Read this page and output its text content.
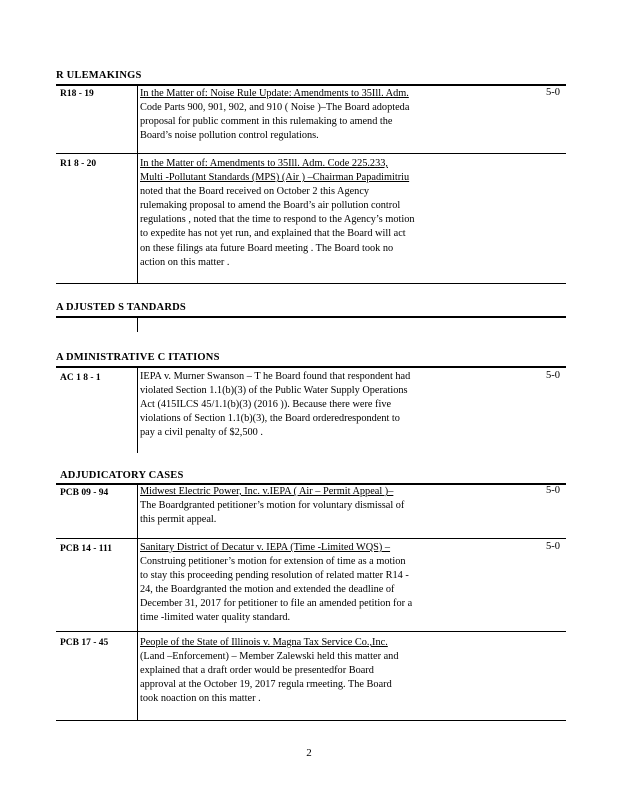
R ULEMAKINGS
R18 - 19	In the Matter of: Noise Rule Update: Amendments to 35Ill. Adm.
Code Parts 900, 901, 902, and 910 ( Noise )–The Board adopteda
proposal for public comment in this rulemaking to amend the
Board’s noise pollution control regulations.
5-0
R1 8 - 20	In the Matter of: Amendments to 35Ill. Adm. Code 225.233,
Multi -Pollutant Standards (MPS) (Air ) –Chairman Papadimitriu
noted that the Board received on October 2 this Agency
rulemaking proposal to amend the Board’s air pollution control
regulations , noted that the time to respond to the Agency’s motion
to expedite has not yet run, and explained that the Board will act
on these filings ata future Board meeting . The Board took no
action on this matter .
A DJUSTED S TANDARDS
A DMINISTRATIVE C ITATIONS
AC 1 8 - 1	IEPA v. Murner Swanson – T he Board found that respondent had
violated Section 1.1(b)(3) of the Public Water Supply Operations
Act (415ILCS 45/1.1(b)(3) (2016 )). Because there were five
violations of Section 1.1(b)(3), the Board orderedrespondent to
pay a civil penalty of $2,500 .
5-0
ADJUDICATORY CASES
PCB 09 - 94	Midwest Electric Power, Inc. v.IEPA ( Air – Permit Appeal )–
The Boardgranted petitioner’s motion for voluntary dismissal of
this permit appeal.
5-0
PCB 14 - 111	Sanitary District of Decatur v. IEPA (Time -Limited WQS) –
Construing petitioner’s motion for extension of time as a motion
to stay this proceeding pending resolution of related matter R14 -
24, the Boardgranted the motion and extended the deadline of
December 31, 2017 for petitioner to file an amended petition for a
time -limited water quality standard.
5-0
PCB 17 - 45	People of the State of Illinois v. Magna Tax Service Co.,Inc.
(Land –Enforcement) – Member Zalewski held this matter and
explained that a draft order would be presentedfor Board
approval at the October 19, 2017 regula rmeeting. The Board
took noaction on this matter .
2
